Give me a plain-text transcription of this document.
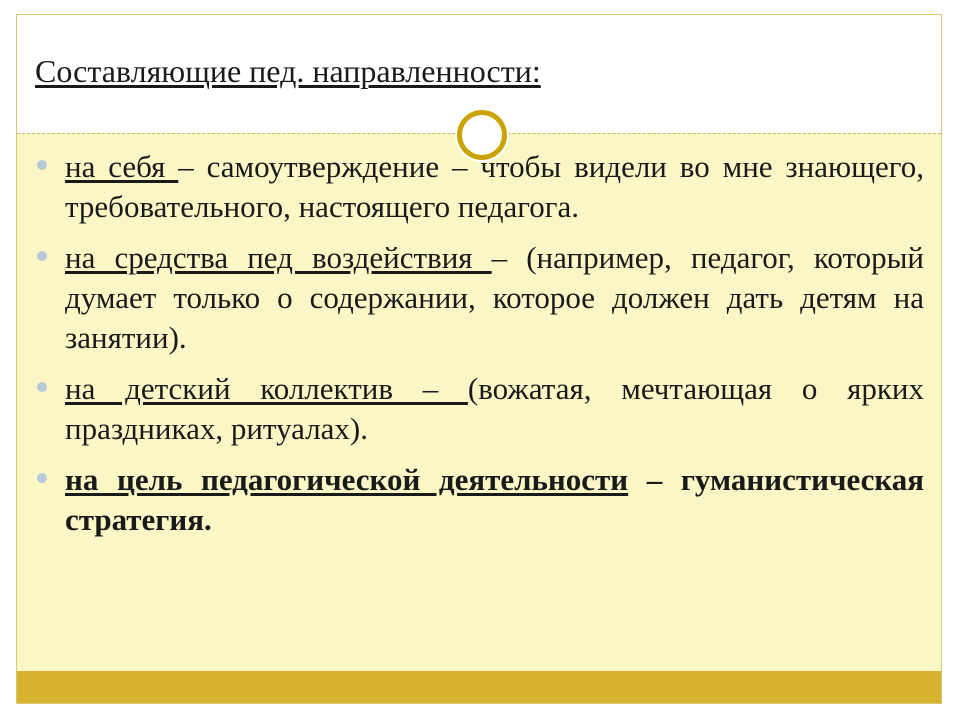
Составляющие пед. направленности:
на себя – самоутверждение – чтобы видели во мне знающего, требовательного, настоящего педагога.
на средства пед воздействия – (например, педагог, который думает только о содержании, которое должен дать детям на занятии).
на детский коллектив – (вожатая, мечтающая о ярких праздниках, ритуалах).
на цель педагогической деятельности – гуманистическая стратегия.
